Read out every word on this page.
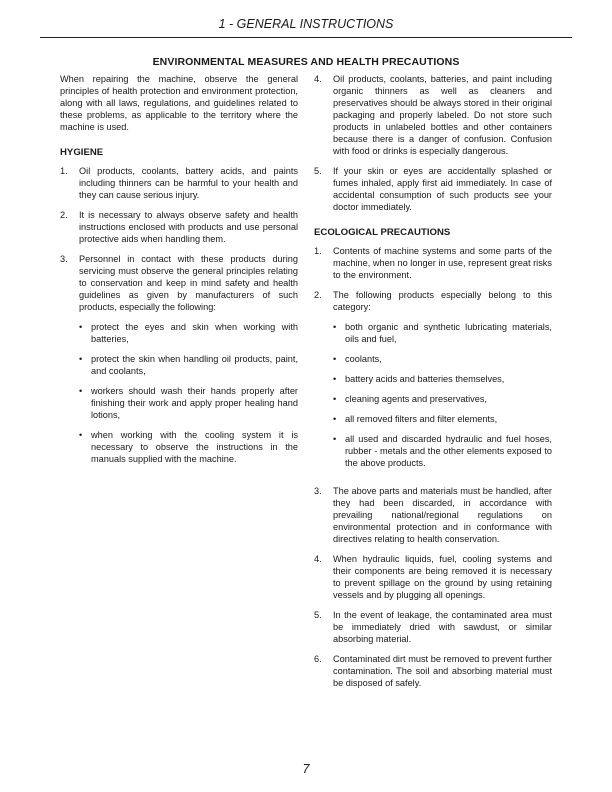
1 - GENERAL INSTRUCTIONS
ENVIRONMENTAL MEASURES AND HEALTH PRECAUTIONS

When repairing the machine, observe the general principles of health protection and environment protection, along with all laws, regulations, and guidelines related to these problems, as applicable to the territory where the machine is used.

HYGIENE
1.	Oil products, coolants, battery acids, and paints including thinners can be harmful to your health and they can cause serious injury.
2.	It is necessary to always observe safety and health instructions enclosed with products and use personal protective aids when handling them.
3.	Personnel in contact with these products during servicing must observe the general principles relating to conservation and keep in mind safety and health guidelines as given by manufacturers of such products, especially the following:
• protect the eyes and skin when working with batteries,
• protect the skin when handling oil products, paint, and coolants,
• workers should wash their hands properly after finishing their work and apply proper healing hand lotions,
• when working with the cooling system it is necessary to observe the instructions in the manuals supplied with the machine.
4.	Oil products, coolants, batteries, and paint including organic thinners as well as cleaners and preservatives should be always stored in their original packaging and properly labeled. Do not store such products in unlabeled bottles and other containers because there is a danger of confusion. Confusion with food or drinks is especially dangerous.
5.	If your skin or eyes are accidentally splashed or fumes inhaled, apply first aid immediately. In case of accidental consumption of such products see your doctor immediately.
ECOLOGICAL PRECAUTIONS
1.	Contents of machine systems and some parts of the machine, when no longer in use, represent great risks to the environment.
2.	The following products especially belong to this category:
• both organic and synthetic lubricating materials, oils and fuel,
• coolants,
• battery acids and batteries themselves,
• cleaning agents and preservatives,
• all removed filters and filter elements,
• all used and discarded hydraulic and fuel hoses, rubber - metals and the other elements exposed to the above products.
3.	The above parts and materials must be handled, after they had been discarded, in accordance with prevailing national/regional regulations on environmental protection and in conformance with directives relating to health conservation.
4.	When hydraulic liquids, fuel, cooling systems and their components are being removed it is necessary to prevent spillage on the ground by using retaining vessels and by plugging all openings.
5.	In the event of leakage, the contaminated area must be immediately dried with sawdust, or similar absorbing material.
6.	Contaminated dirt must be removed to prevent further contamination. The soil and absorbing material must be disposed of safely.
7
